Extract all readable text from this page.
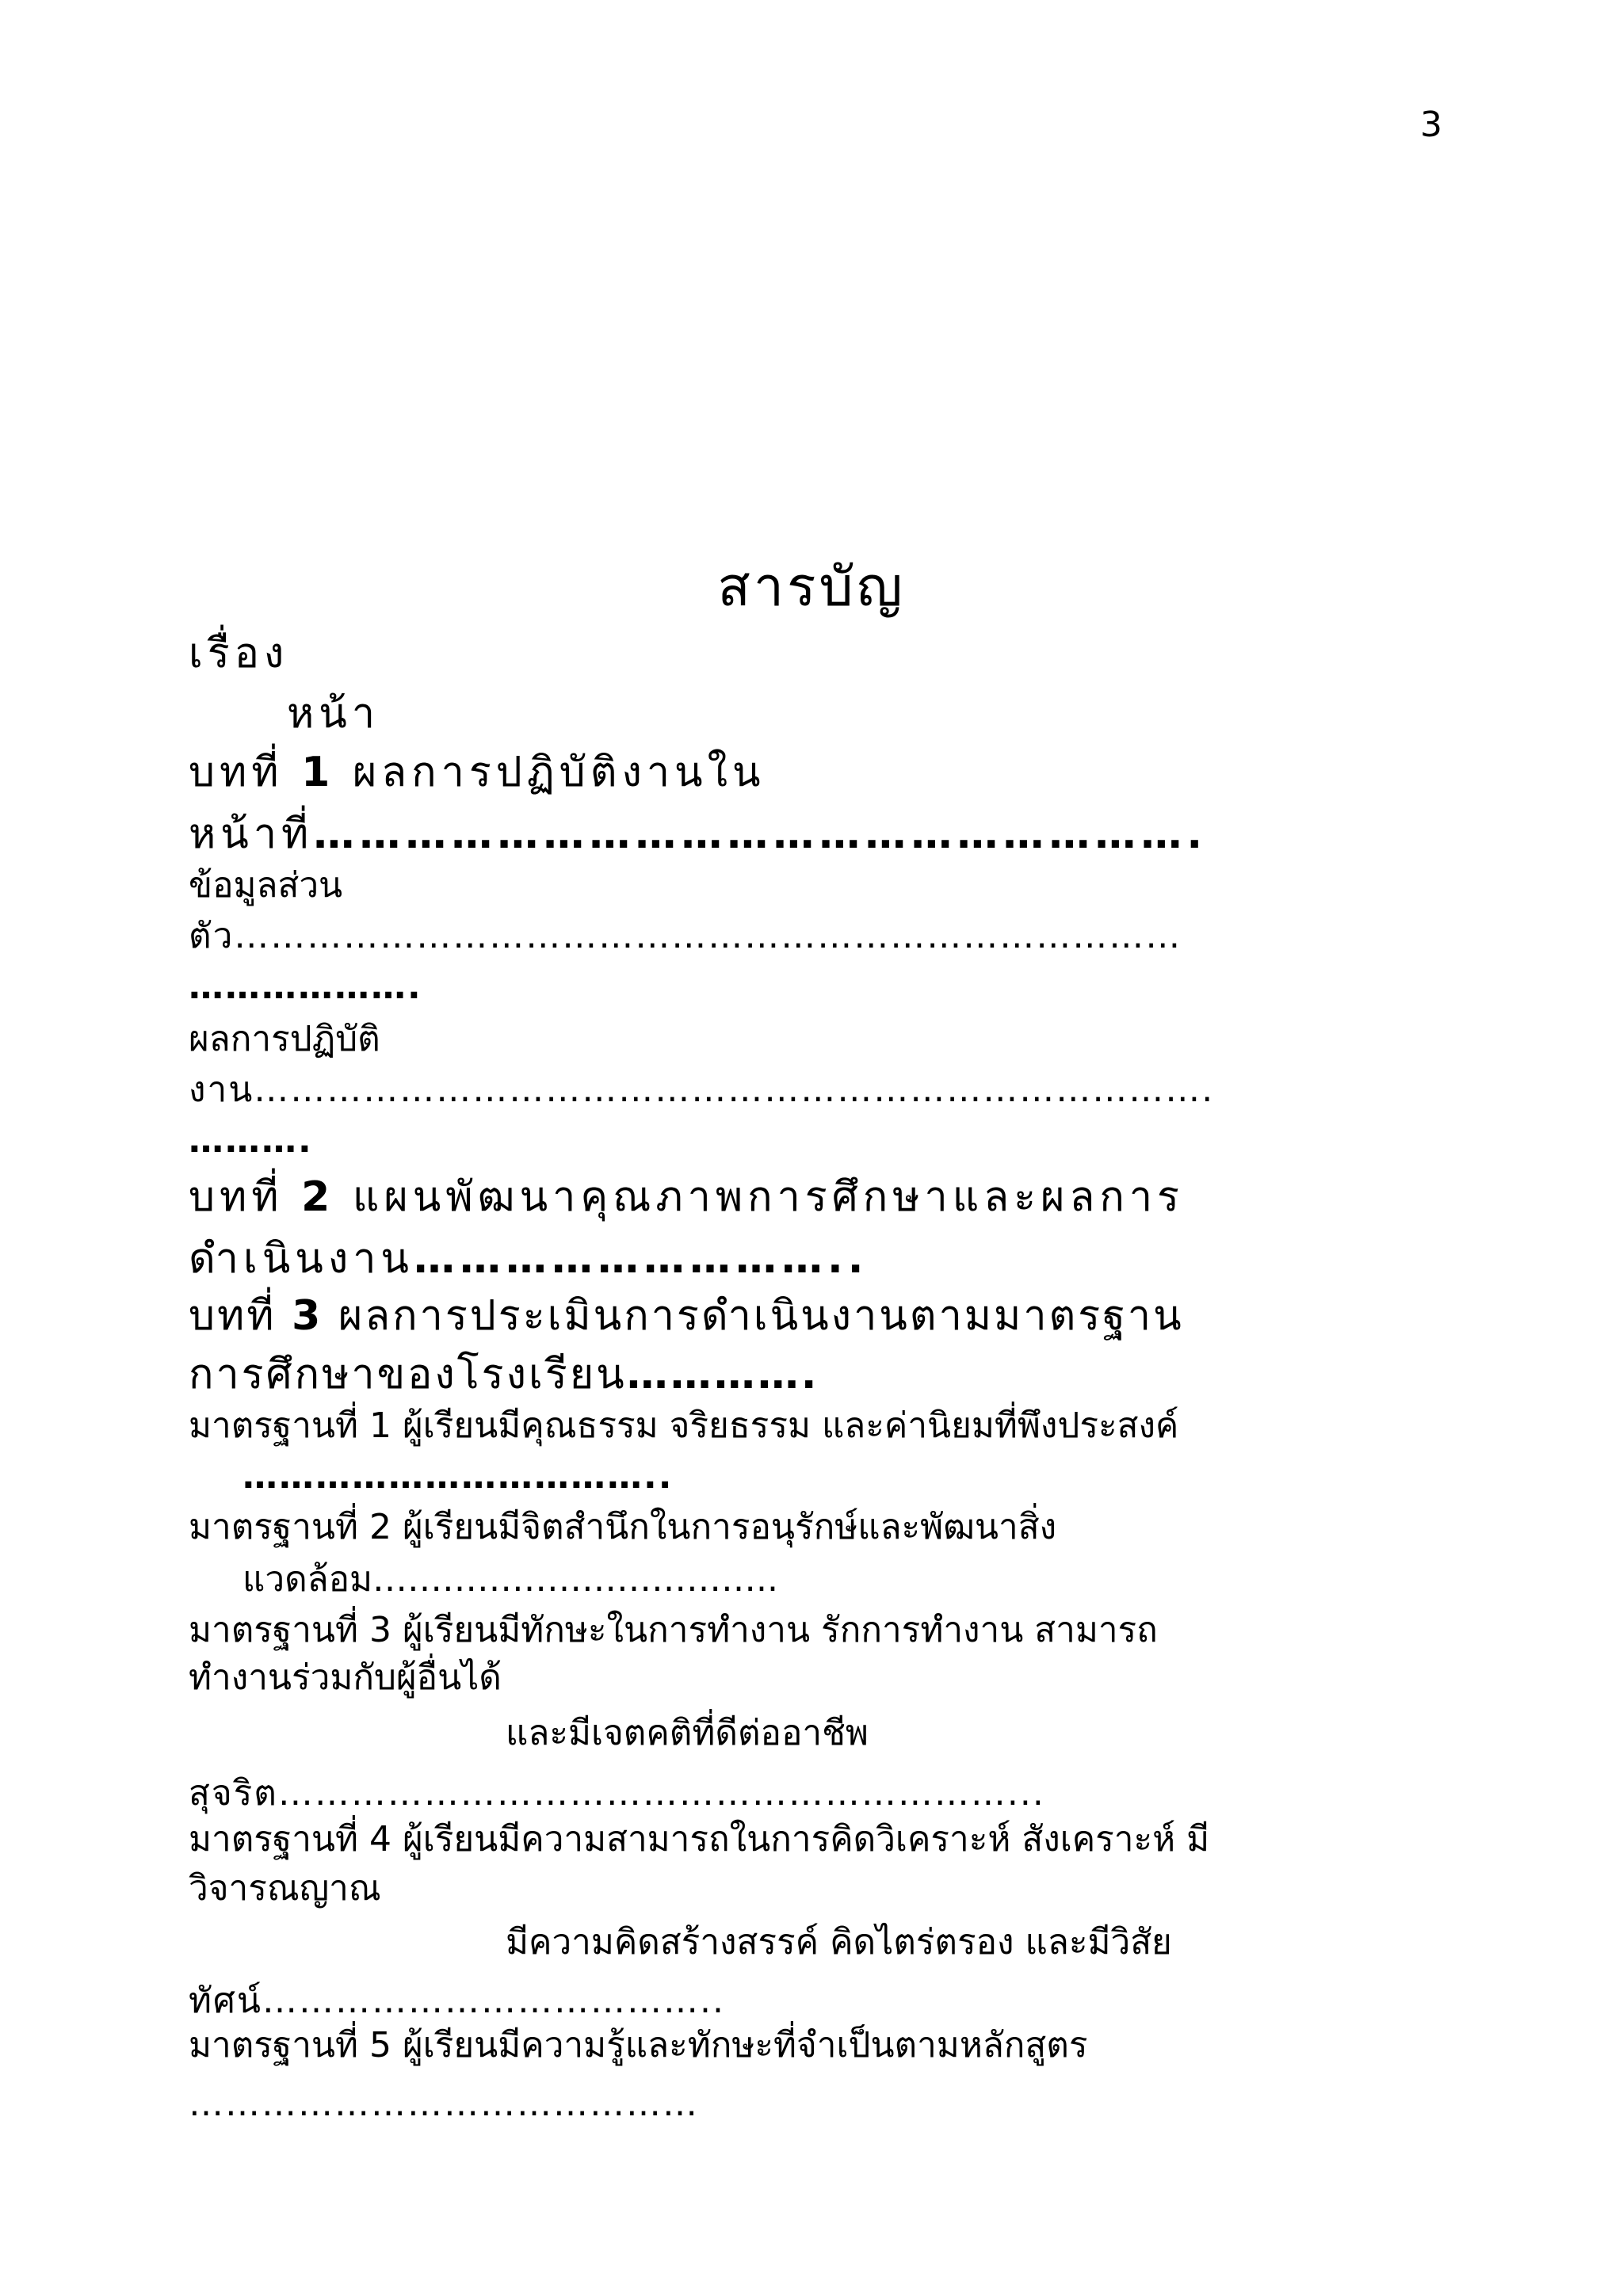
3
สารบัญ
เรื่อง
หน้า
บทที่ 1 ผลการปฏิบัติงานใน
หน้าที่………………………………………………….
ข้อมูลส่วน
ตัว……………………………………………………………………
……………….
ผลการปฏิบัติ
งาน…………………………………………………………………….
……….
บทที่ 2 แผนพัฒนาคุณภาพการศึกษาและผลการ
ดำเนินงาน………………………..
บทที่ 3 ผลการประเมินการดำเนินงานตามมาตรฐาน
การศึกษาของโรงเรียน………….
มาตรฐานที่ 1 ผู้เรียนมีคุณธรรม จริยธรรม และค่านิยมที่พึงประสงค์
……………………………..
มาตรฐานที่ 2 ผู้เรียนมีจิตสำนึกในการอนุรักษ์และพัฒนาสิ่ง
แวดล้อม……………………………..
มาตรฐานที่ 3 ผู้เรียนมีทักษะในการทำงาน รักการทำงาน สามารถ
ทำงานร่วมกับผู้อื่นได้
และมีเจตคติที่ดีต่ออาชีพ
สุจริต……………………………………………………...
มาตรฐานที่ 4 ผู้เรียนมีความสามารถในการคิดวิเคราะห์ สังเคราะห์ มี
วิจารณญาณ
มีความคิดสร้างสรรค์ คิดไตร่ตรอง และมีวิสัย
ทัศน์………………………………..
มาตรฐานที่ 5 ผู้เรียนมีความรู้และทักษะที่จำเป็นตามหลักสูตร
……………………………………
